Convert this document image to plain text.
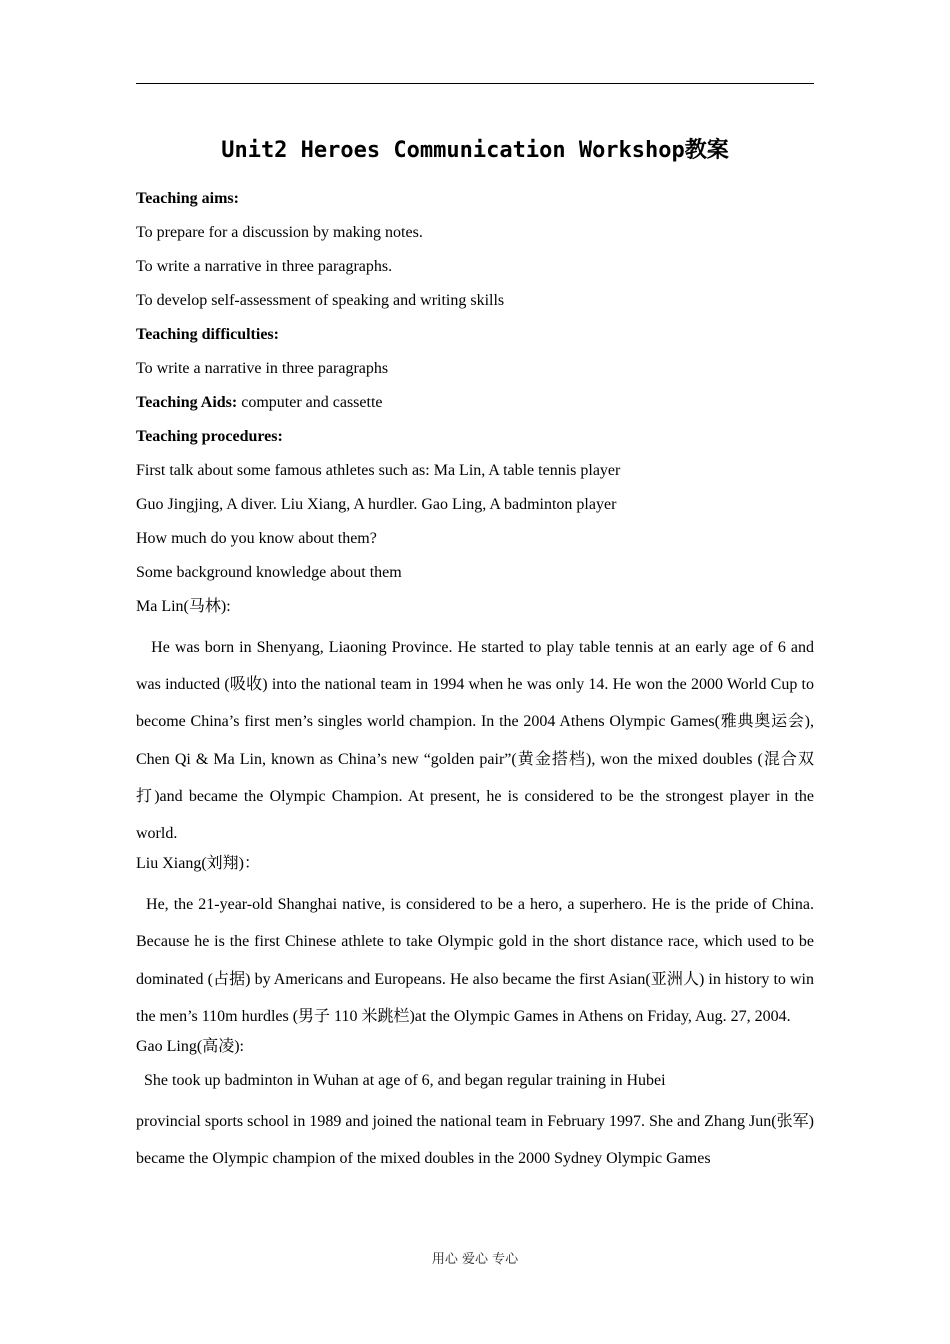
Unit2 Heroes Communication Workshop教案
Teaching aims:
To prepare for a discussion by making notes.
To write a narrative in three paragraphs.
To develop self-assessment of speaking and writing skills
Teaching difficulties:
To write a narrative in three paragraphs
Teaching Aids: computer and cassette
Teaching procedures:
First talk about some famous athletes such as: Ma Lin, A table tennis player
Guo Jingjing, A diver. Liu Xiang, A hurdler. Gao Ling, A badminton player
How much do you know about them?
Some background knowledge about them
Ma Lin(马林):

He was born in Shenyang, Liaoning Province. He started to play table tennis at an early age of 6 and was inducted (吸收) into the national team in 1994 when he was only 14. He won the 2000 World Cup to become China’s first men’s singles world champion. In the 2004 Athens Olympic Games(雅典奥运会), Chen Qi & Ma Lin, known as China’s new “golden pair”(黄金搭档), won the mixed doubles (混合双打)and became the Olympic Champion. At present, he is considered to be the strongest player in the world.

Liu Xiang(刘翔)：

He, the 21-year-old Shanghai native, is considered to be a hero, a superhero. He is the pride of China. Because he is the first Chinese athlete to take Olympic gold in the short distance race, which used to be dominated (占据) by Americans and Europeans. He also became the first Asian(亚洲人) in history to win the men’s 110m hurdles (男子 110 米跳栏)at the Olympic Games in Athens on Friday, Aug. 27, 2004.

Gao Ling(高凌):
She took up badminton in Wuhan at age of 6, and began regular training in Hubei

provincial sports school in 1989 and joined the national team in February 1997. She and Zhang Jun(张军) became the Olympic champion of the mixed doubles in the 2000 Sydney Olympic Games

用心 爱心 专心
